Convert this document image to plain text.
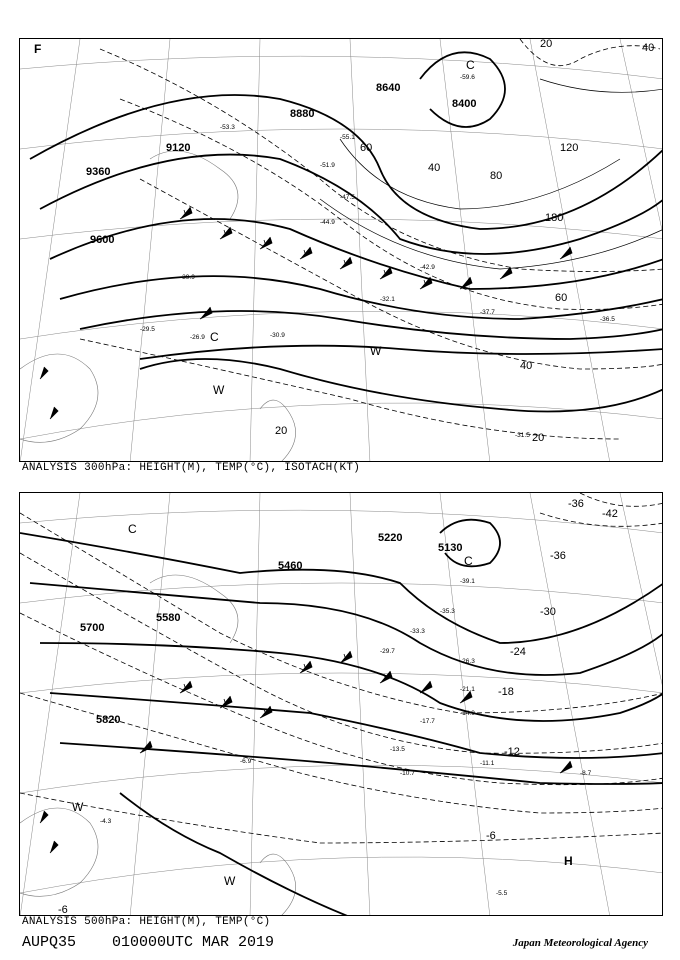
8640
8400
8880
9120
9360
9600
20
40
60
80
120
180
60
40
20
40
20
-59.6
-55.1
-53.3
-51.9
-47.5
-44.9
-42.9
-39.9
-37.7
-36.5
-32.1
-30.9
-31.5
-29.5
-26.9 C
W
C
W
F
ANALYSIS 300hPa: HEIGHT(M), TEMP(°C), ISOTACH(KT)
5220
5460
5700
5820
5580
5130
-42
-36
-36
-30
-24
-18
-12
-6
-6
-39.1
-35.3
-33.3
-29.7
-26.3
-21.1
-17.7
-14.9
-13.5
-10.7
-11.1
-8.7
-5.5
-6.9
-4.3
C
C
W
W
H
ANALYSIS 500hPa: HEIGHT(M), TEMP(°C)
AUPQ35 010000UTC MAR 2019	Japan Meteorological Agency
